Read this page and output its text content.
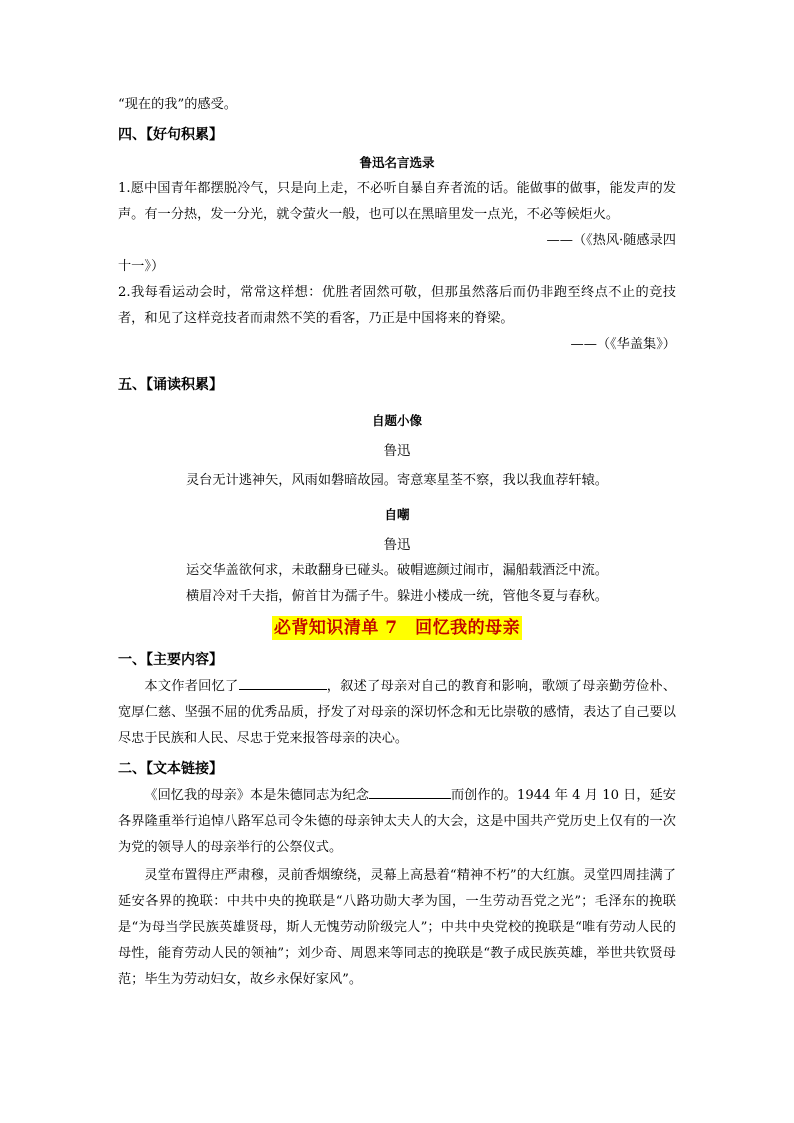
“现在的我”的感受。

四、【好句积累】

鲁迅名言选录

1.愿中国青年都摆脱冷气，只是向上走，不必听自暴自弃者流的话。能做事的做事，能发声的发声。有一分热，发一分光，就令萤火一般，也可以在黑暗里发一点光，不必等候炬火。

——（《热风·随感录四

十一》）

2.我每看运动会时，常常这样想：优胜者固然可敬，但那虽然落后而仍非跑至终点不止的竞技者，和见了这样竞技者而肃然不笑的看客，乃正是中国将来的脊梁。

——（《华盖集》）

五、【诵读积累】

自题小像

鲁迅

灵台无计逃神矢，风雨如磐暗故园。寄意寒星荃不察，我以我血荐轩辕。

自嘲

鲁迅

运交华盖欲何求，未敢翻身已碰头。破帽遮颜过闹市，漏船载酒泛中流。

横眉冷对千夫指，俯首甘为孺子牛。躲进小楼成一统，管他冬夏与春秋。

必背知识清单 7　回忆我的母亲

一、【主要内容】

本文作者回忆了	，叙述了母亲对自己的教育和影响，歌颂了母亲勤劳俭朴、宽厚仁慈、坚强不屈的优秀品质，抒发了对母亲的深切怀念和无比崇敬的感情，表达了自己要以尽忠于民族和人民、尽忠于党来报答母亲的决心。

二、【文本链接】

《回忆我的母亲》本是朱德同志为纪念	而创作的。1944 年 4 月 10 日，延安各界隆重举行追悼八路军总司令朱德的母亲钟太夫人的大会，这是中国共产党历史上仅有的一次为党的领导人的母亲举行的公祭仪式。

灵堂布置得庄严肃穆，灵前香烟缭绕，灵幕上高悬着“精神不朽”的大红旗。灵堂四周挂满了延安各界的挽联：中共中央的挽联是“八路功勋大孝为国，一生劳动吾党之光”；毛泽东的挽联是“为母当学民族英雄贤母，斯人无愧劳动阶级完人”；中共中央党校的挽联是“唯有劳动人民的母性，能育劳动人民的领袖”；刘少奇、周恩来等同志的挽联是“教子成民族英雄，举世共钦贤母范；毕生为劳动妇女，故乡永保好家风”。
